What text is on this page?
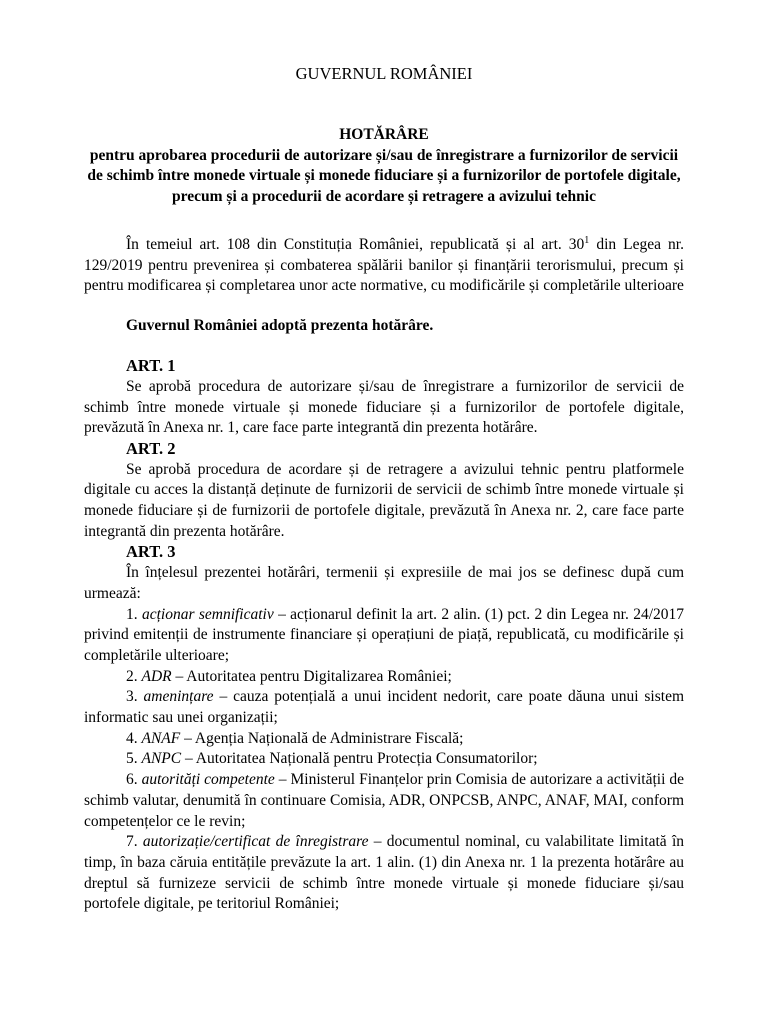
GUVERNUL ROMÂNIEI

HOTĂRÂRE

pentru aprobarea procedurii de autorizare și/sau de înregistrare a furnizorilor de servicii de schimb între monede virtuale și monede fiduciare și a furnizorilor de portofele digitale, precum și a procedurii de acordare și retragere a avizului tehnic

În temeiul art. 108 din Constituția României, republicată și al art. $30^1$ din Legea nr. 129/2019 pentru prevenirea și combaterea spălării banilor și finanțării terorismului, precum și pentru modificarea și completarea unor acte normative, cu modificările și completările ulterioare

Guvernul României adoptă prezenta hotărâre.

ART. 1

Se aprobă procedura de autorizare și/sau de înregistrare a furnizorilor de servicii de schimb între monede virtuale și monede fiduciare și a furnizorilor de portofele digitale, prevăzută în Anexa nr. 1, care face parte integrantă din prezenta hotărâre.

ART. 2

Se aprobă procedura de acordare și de retragere a avizului tehnic pentru platformele digitale cu acces la distanță deținute de furnizorii de servicii de schimb între monede virtuale și monede fiduciare și de furnizorii de portofele digitale, prevăzută în Anexa nr. 2, care face parte integrantă din prezenta hotărâre.

ART. 3

În înțelesul prezentei hotărâri, termenii și expresiile de mai jos se definesc după cum urmează:

1. acționar semnificativ – acționarul definit la art. 2 alin. (1) pct. 2 din Legea nr. 24/2017 privind emitenții de instrumente financiare și operațiuni de piață, republicată, cu modificările și completările ulterioare;

2. ADR – Autoritatea pentru Digitalizarea României;

3. amenințare – cauza potențială a unui incident nedorit, care poate dăuna unui sistem informatic sau unei organizații;

4. ANAF – Agenția Națională de Administrare Fiscală;

5. ANPC – Autoritatea Națională pentru Protecția Consumatorilor;

6. autorități competente – Ministerul Finanțelor prin Comisia de autorizare a activității de schimb valutar, denumită în continuare Comisia, ADR, ONPCSB, ANPC, ANAF, MAI, conform competențelor ce le revin;

7. autorizație/certificat de înregistrare – documentul nominal, cu valabilitate limitată în timp, în baza căruia entitățile prevăzute la art. 1 alin. (1) din Anexa nr. 1 la prezenta hotărâre au dreptul să furnizeze servicii de schimb între monede virtuale și monede fiduciare și/sau portofele digitale, pe teritoriul României;
